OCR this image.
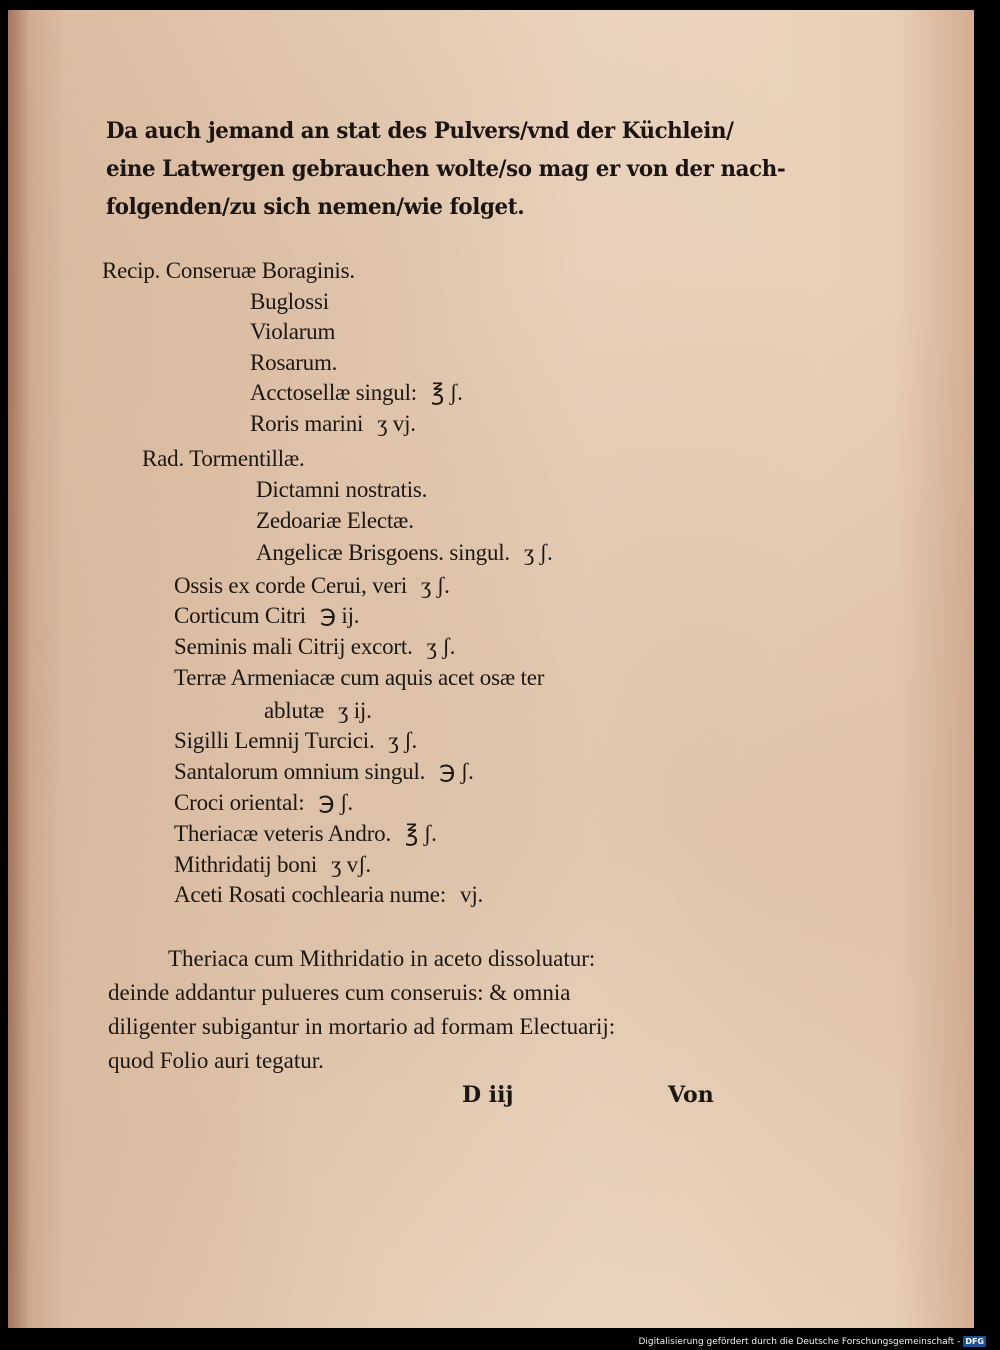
Da auch jemand an stat des Pulvers/vnd der Küchlein/
eine Latwergen gebrauchen wolte/so mag er von der nach-
folgenden/zu sich nemen/wie folget.
Recip. Conseruæ Boraginis.
Buglossi
Violarum
Rosarum.
Acctosellæ singul: ℥ ʃ.
Roris marini ʒ vj.
Rad. Tormentillæ.
Dictamni nostratis.
Zedoariæ Electæ.
Angelicæ Brisgoens. singul. ʒ ʃ.
Ossis ex corde Cerui, veri ʒ ʃ.
Corticum Citri ℈ ij.
Seminis mali Citrij excort. ʒ ʃ.
Terræ Armeniacæ cum aquis acet osæ ter
ablutæ ʒ ij.
Sigilli Lemnij Turcici. ʒ ʃ.
Santalorum omnium singul. ℈ ʃ.
Croci oriental: ℈ ʃ.
Theriacæ veteris Andro. ℥ ʃ.
Mithridatij boni ʒ vʃ.
Aceti Rosati cochlearia nume: vj.
Theriaca cum Mithridatio in aceto dissoluatur:
deinde addantur pulueres cum conseruis: & omnia
diligenter subigantur in mortario ad formam Electuarij:
quod Folio auri tegatur.
D iij	Von
Digitalisierung gefördert durch die Deutsche Forschungsgemeinschaft - DFG
